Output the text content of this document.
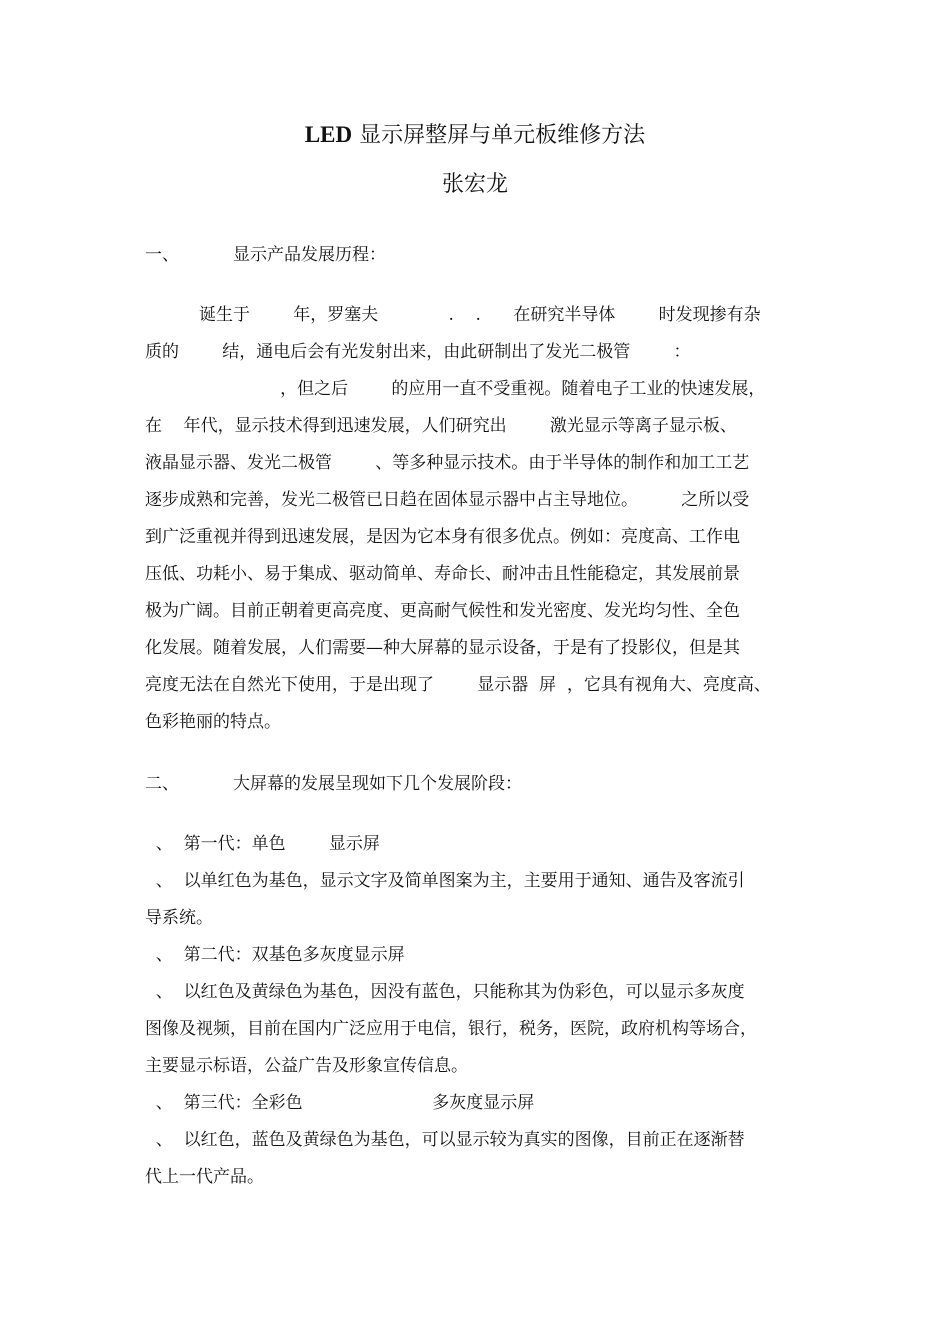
LED 显示屏整屏与单元板维修方法
张宏龙
一、          显示产品发展历程：
诞生于        年，罗塞夫             .    .      在研究半导体        时发现掺有杂
质的        结，通电后会有光发射出来，由此研制出了发光二极管        ：
，但之后        的应用一直不受重视。随着电子工业的快速发展，
在    年代，显示技术得到迅速发展，人们研究出        激光显示等离子显示板、
液晶显示器、发光二极管        、等多种显示技术。由于半导体的制作和加工工艺
逐步成熟和完善，发光二极管已日趋在固体显示器中占主导地位。        之所以受
到广泛重视并得到迅速发展，是因为它本身有很多优点。例如：亮度高、工作电
压低、功耗小、易于集成、驱动简单、寿命长、耐冲击且性能稳定，其发展前景
极为广阔。目前正朝着更高亮度、更高耐气候性和发光密度、发光均匀性、全色
化发展。随着发展，人们需要—种大屏幕的显示设备，于是有了投影仪，但是其
亮度无法在自然光下使用，于是出现了        显示器  屏  ，它具有视角大、亮度高、
色彩艳丽的特点。
二、          大屏幕的发展呈现如下几个发展阶段：
、  第一代：单色        显示屏
、  以单红色为基色，显示文字及简单图案为主，主要用于通知、通告及客流引
导系统。
、  第二代：双基色多灰度显示屏
、  以红色及黄绿色为基色，因没有蓝色，只能称其为伪彩色，可以显示多灰度
图像及视频，目前在国内广泛应用于电信，银行，税务，医院，政府机构等场合，
主要显示标语，公益广告及形象宣传信息。
、  第三代：全彩色                        多灰度显示屏
、  以红色，蓝色及黄绿色为基色，可以显示较为真实的图像，目前正在逐渐替
代上一代产品。
